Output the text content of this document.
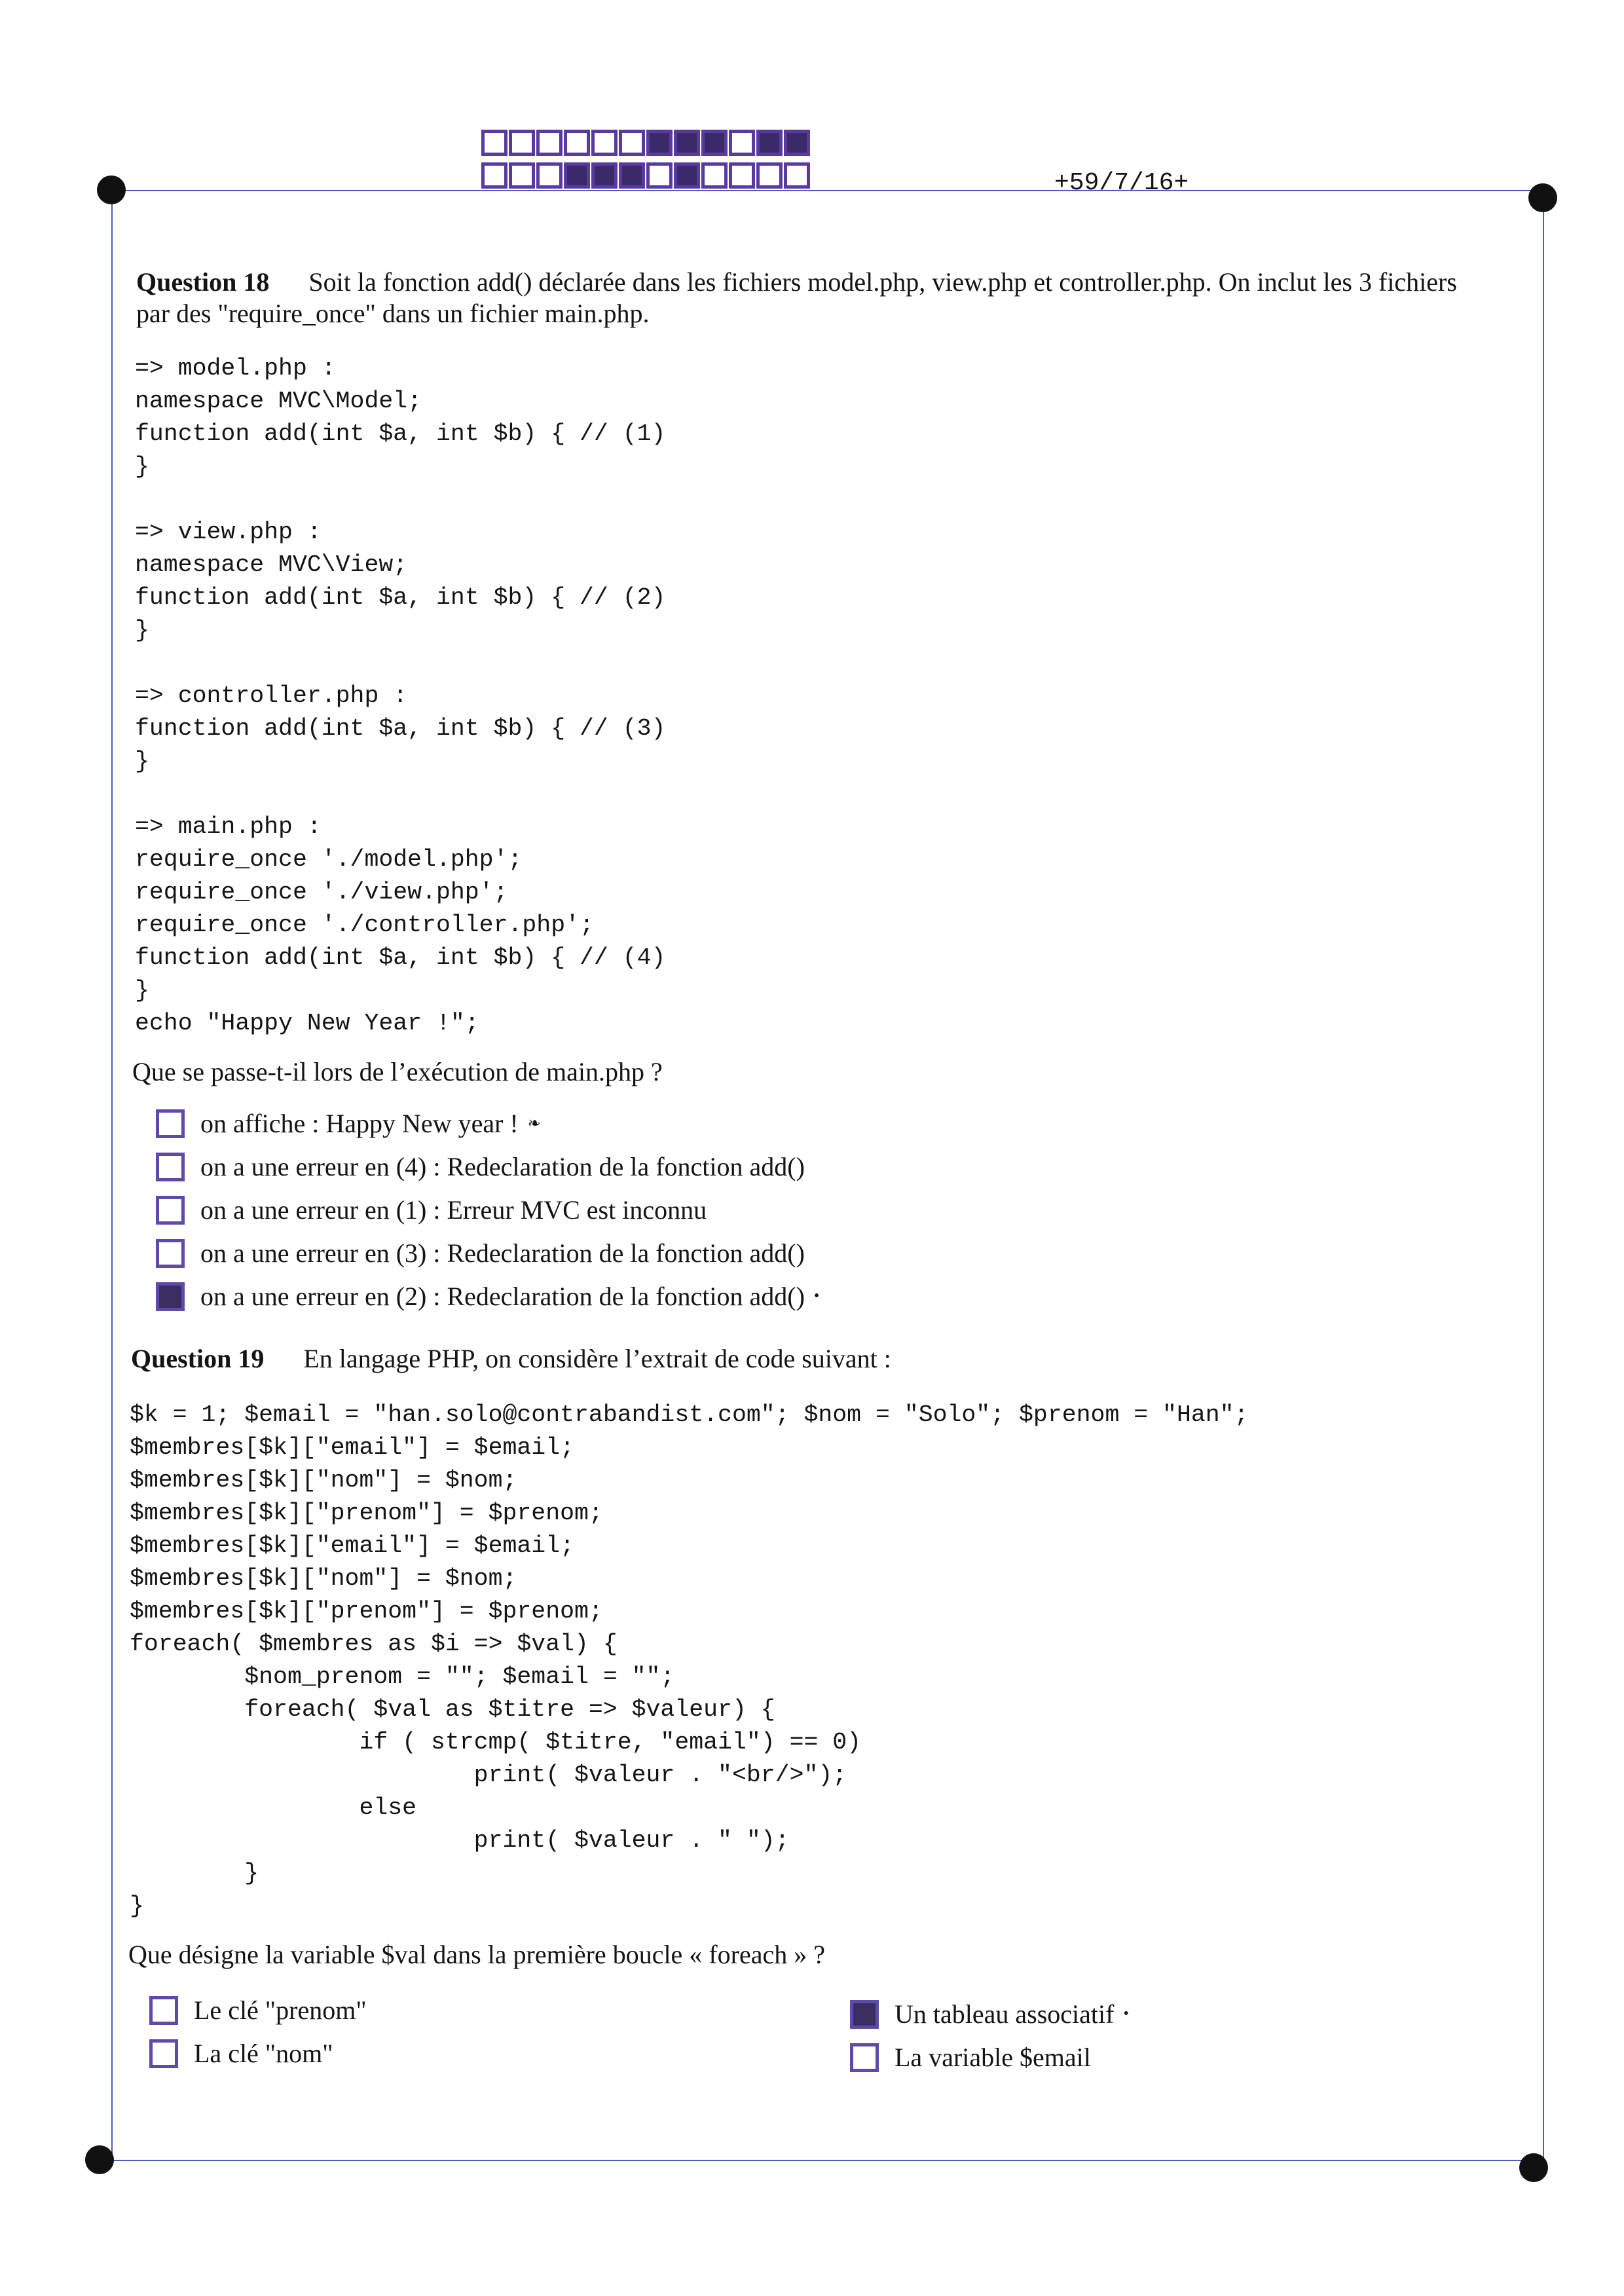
+59/7/16+
Question 18 Soit la fonction add() déclarée dans les fichiers model.php, view.php et controller.php. On inclut les 3 fichiers
par des "require_once" dans un fichier main.php.
=> model.php :
namespace MVC\Model;
function add(int $a, int $b) { // (1)
}

=> view.php :
namespace MVC\View;
function add(int $a, int $b) { // (2)
}

=> controller.php :
function add(int $a, int $b) { // (3)
}

=> main.php :
require_once './model.php';
require_once './view.php';
require_once './controller.php';
function add(int $a, int $b) { // (4)
}
echo "Happy New Year !";
Que se passe-t-il lors de l’exécution de main.php ?
on affiche : Happy New year ! ❧
on a une erreur en (4) : Redeclaration de la fonction add()
on a une erreur en (1) : Erreur MVC est inconnu
on a une erreur en (3) : Redeclaration de la fonction add()
on a une erreur en (2) : Redeclaration de la fonction add() •
Question 19 En langage PHP, on considère l’extrait de code suivant :
$k = 1; $email = "han.solo@contrabandist.com"; $nom = "Solo"; $prenom = "Han";
$membres[$k]["email"] = $email;
$membres[$k]["nom"] = $nom;
$membres[$k]["prenom"] = $prenom;
$membres[$k]["email"] = $email;
$membres[$k]["nom"] = $nom;
$membres[$k]["prenom"] = $prenom;
foreach( $membres as $i => $val) {
$nom_prenom = ""; $email = "";
foreach( $val as $titre => $valeur) {
if ( strcmp( $titre, "email") == 0)
print( $valeur . "<br/>");
else
print( $valeur . " ");
}
}
Que désigne la variable $val dans la première boucle « foreach » ?
Le clé "prenom"
La clé "nom"
Un tableau associatif •
La variable $email
